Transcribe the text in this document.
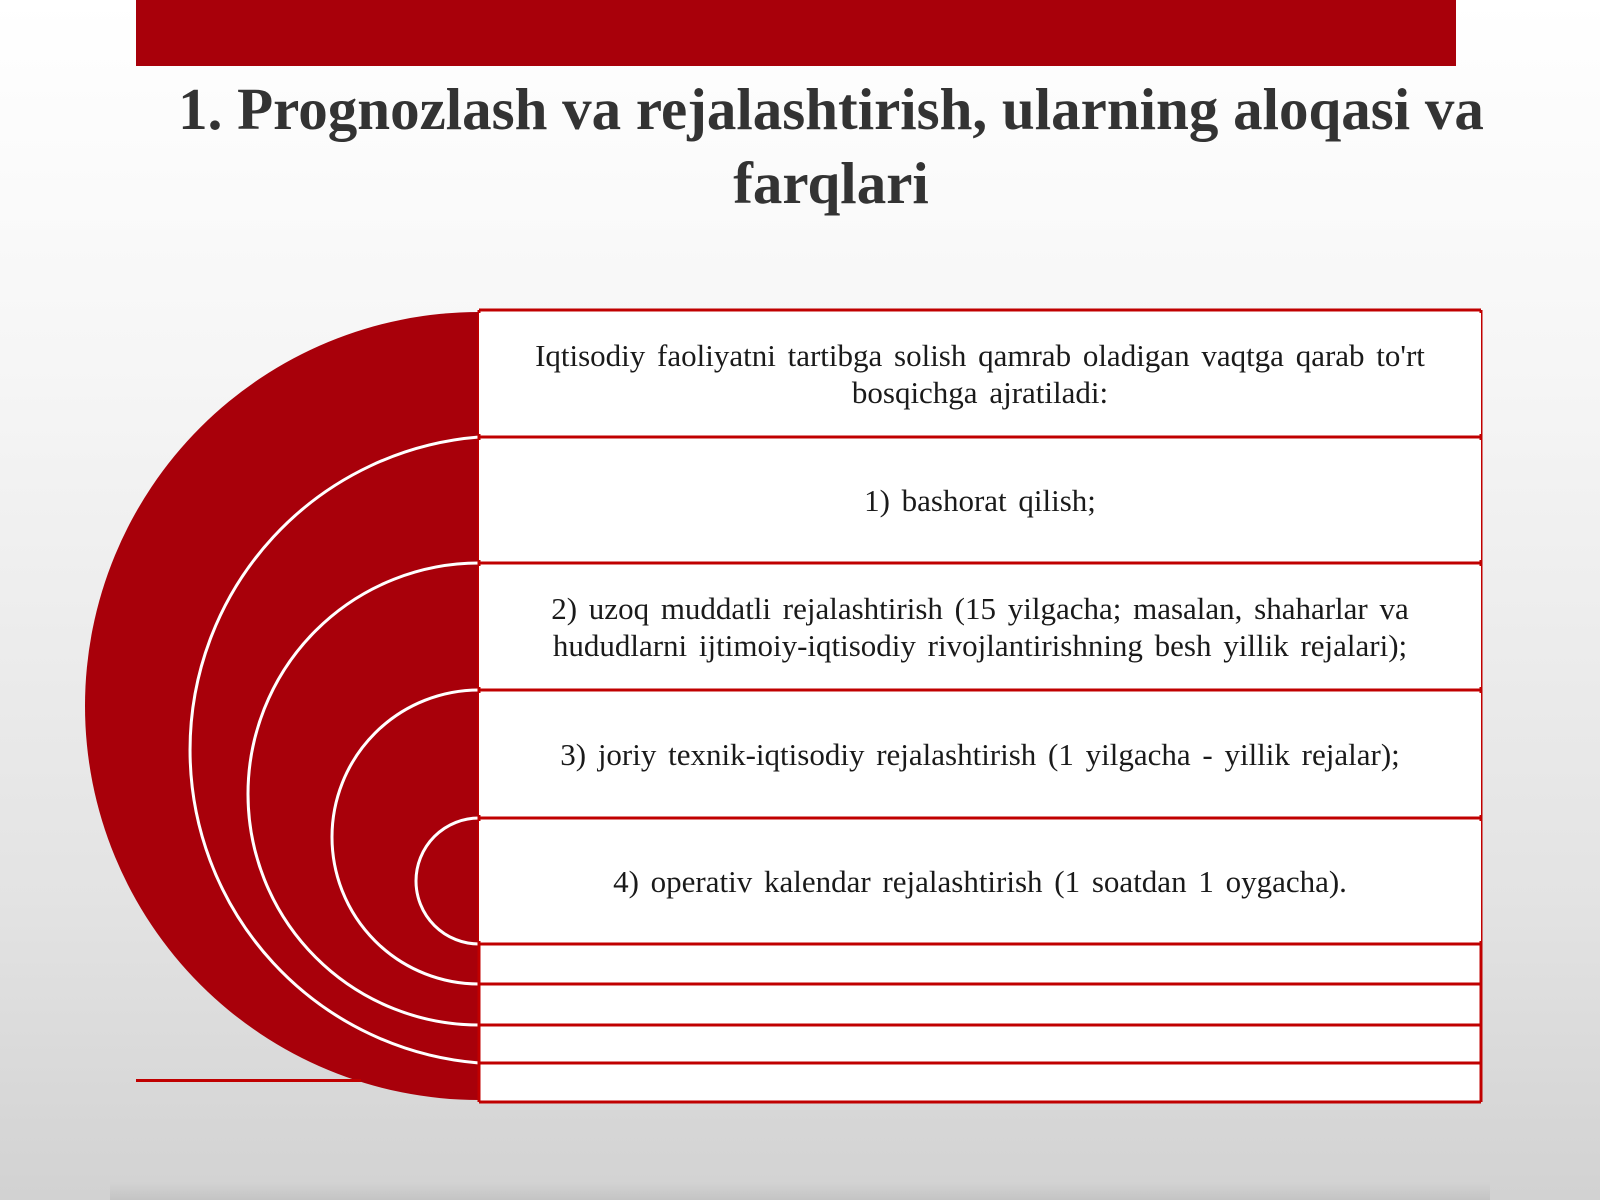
1. Prognozlash va rejalashtirish, ularning aloqasi va farqlari
Iqtisodiy faoliyatni tartibga solish qamrab oladigan vaqtga qarab to'rt bosqichga ajratiladi:
1) bashorat qilish;
2) uzoq muddatli rejalashtirish (15 yilgacha; masalan, shaharlar va hududlarni ijtimoiy-iqtisodiy rivojlantirishning besh yillik rejalari);
3) joriy texnik-iqtisodiy rejalashtirish (1 yilgacha - yillik rejalar);
4) operativ kalendar rejalashtirish (1 soatdan 1 oygacha).
